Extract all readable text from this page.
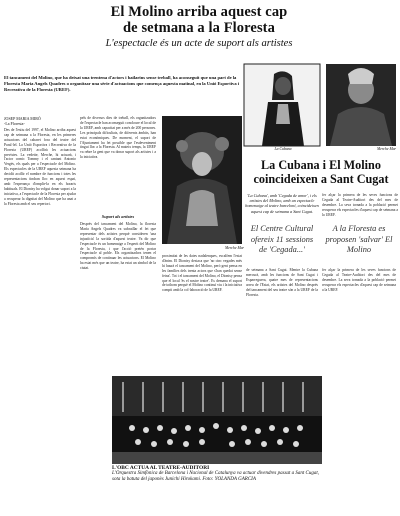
El Molino arriba aquest cap
de setmana a la Floresta
L'espectacle és un acte de suport als artistes
El tancament del Molino, que ha deixat una trentena d'actors i bailarins sense treball, ha aconseguit que una part de la Floresta María Angels Quadres o organitzar una sèrie d'actuacions que comença aquesta matinal, en la Unió Esportiva i Recreativa de la Floresta (UREF).
JOSEP MARIA MIRÓ
-La Floresta-
Des de l'estiu del 1997, el Molino arriba aquest cap de setmana a la Floresta, en les primeres actuacions del cabaret fora del teatre del Paral·lel. La Unió Esportiva i Recreativa de la Floresta (UREF) acollirà les actuacions previstes. La vedette, Merche, hi actuarà, i l'actor comic Tommy i el cantant Antonio Vergés, els quals per a l'espectacle del Molino. Els espectacles de la UREF aquesta setmana ha decidit acollir el nombre de funcions i totes les representacions tindran lloc en aquest espai, amb l'esperança d'omplir-la en els horaris habituals. El Dionisy ha volgut donar suport a la iniciativa, a l'espectacle de la Floresta per ajudar a recuperar la dignitat del Molino que ha anat a la Floresta amb el seu repertori.
pels de diversos dies de treball, els organitzadors de l'espectacle han aconseguit concloure el local de la UREF, amb capacitat per a més de 200 persones. Les principals dificultats, de diferents àmbits, han estat econòmiques. De moment, el suport de l'Ajuntament ha fet possible que l'esdeveniment tingui lloc a la Floresta. Al mateix temps, la UREF va rebre la gent que va donar suport als artistes i a la iniciativa.
Suport als artistes
Després del tancament del Molino, la floresta María Angels Quadres va subratllar el fet que representar dels artistes perquè consideren 'una injustícia' la sortida d'aquest teatre. Va dir que l'espectacle és un homenatge a l'esperit del Molino de la Floresta, i que l'acció pretén portar l'espectacle al poble. Els organitzadors tenen el compromís de continuar les actuacions. El Molino ha estat més que un teatre, ha estat un símbol de la ciutat.
Merche Mar
proximitat de les dates nadalenques, escalfem l'estat d'ànim. El Dionisy destaca que 'no cinc vegades més hi haurà el tancament del Molino, però gent pensa en les famílies dels trenta actors que s'han quedat sense feina'. Tot i el tancament del Molino, el Dionisy pensa que el local 'és el nostre teatre'. Es demana el suport de tothom perquè el Molino continuï viu i la iniciativa compti amb la col·laboració de la UREF.
La Cubana	Merche Mar
La Cubana i El Molino
coincideixen a Sant Cugat
'La Cubana', amb 'Cegada de amor', i els artistes del Molino, amb un espectacle homenatge al teatre barceloní, coincideixen aquest cap de setmana a Sant Cugat.
fer alçar la primera de les seves funcions de Cegada al Teatre-Auditori des del mes de desembre. La seva tornada a la població permet recuperar els espectacles d'aquest cap de setmana a la UREF.
El Centre Cultural ofereix 11 sessions de 'Cegada...'
A la Floresta es proposen 'salvar' El Molino
de setmana a Sant Cugat. Mentre la Cubana mercurà, amb les funcions de Sant Cugat i Esparreguera, quatre mes de representacions arreu de l'Estat, els artistes del Molino després del tancament del seu teatre són a la UREF de la Floresta.
fer alçar la primera de les seves funcions de Cegada al Teatre-Auditori des del mes de desembre. La seva tornada a la població permet recuperar els espectacles d'aquest cap de setmana a la UREF.
L'OBC ACTUA AL TEATRE-AUDITORI
L'Orquestra Simfònica de Barcelona i Nacional de Catalunya va actuar divendres passat a Sant Cugat, sota la batuta del japonès Junichi Hirokami. Foto: YOLANDA GARCIA
